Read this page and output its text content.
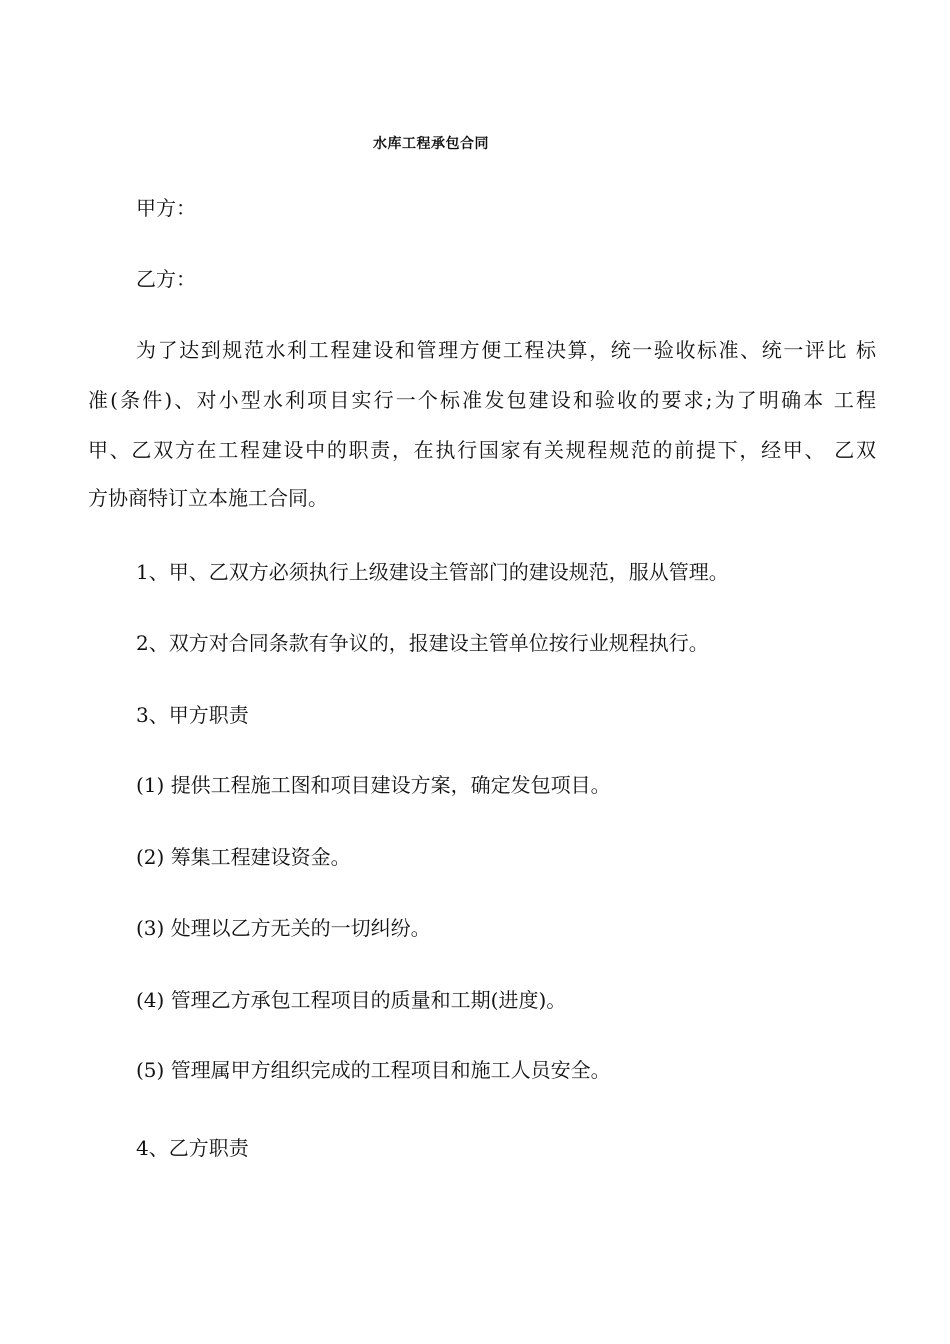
水库工程承包合同
甲方：
乙方：
为了达到规范水利工程建设和管理方便工程决算，统一验收标准、统一评比 标
准(条件)、对小型水利项目实行一个标准发包建设和验收的要求;为了明确本 工程
甲、乙双方在工程建设中的职责，在执行国家有关规程规范的前提下，经甲、 乙双
方协商特订立本施工合同。
1、甲、乙双方必须执行上级建设主管部门的建设规范，服从管理。
2、双方对合同条款有争议的，报建设主管单位按行业规程执行。
3、甲方职责
(1) 提供工程施工图和项目建设方案，确定发包项目。
(2) 筹集工程建设资金。
(3) 处理以乙方无关的一切纠纷。
(4) 管理乙方承包工程项目的质量和工期(进度)。
(5) 管理属甲方组织完成的工程项目和施工人员安全。
4、乙方职责
